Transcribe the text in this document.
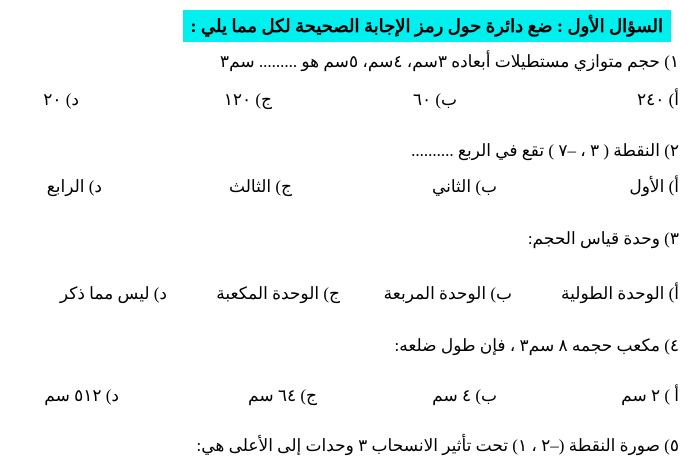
السؤال الأول : ضع دائرة حول رمز الإجابة الصحيحة لكل مما يلي :
١) حجم متوازي مستطيلات أبعاده ٣سم، ٤سم، ٥سم هو ......... سم٣
أ) ٢٤٠
ب) ٦٠
ج) ١٢٠
د) ٢٠
٢) النقطة ( ٣ ، –٧ ) تقع في الربع ..........
أ) الأول
ب) الثاني
ج) الثالث
د) الرابع
٣) وحدة قياس الحجم:
أ) الوحدة الطولية
ب) الوحدة المربعة
ج) الوحدة المكعبة
د) ليس مما ذكر
٤) مكعب حجمه ٨ سم٣ ، فإن طول ضلعه:
أ ) ٢ سم
ب) ٤ سم
ج) ٦٤ سم
د) ٥١٢ سم
٥) صورة النقطة (–٢ ، ١) تحت تأثير الانسحاب ٣ وحدات إلى الأعلى هي:
